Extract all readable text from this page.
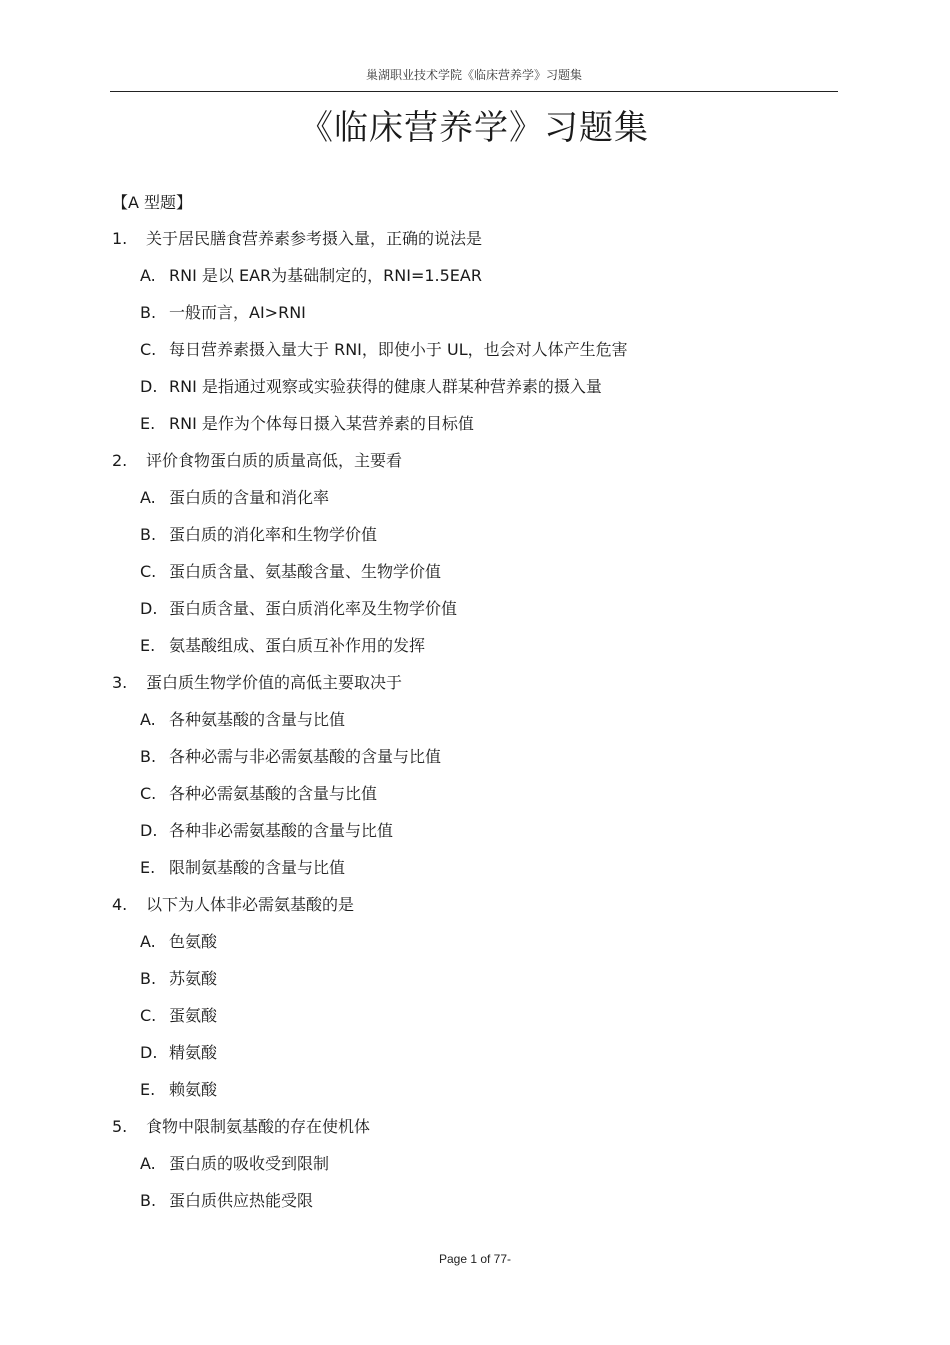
巢湖职业技术学院《临床营养学》习题集
《临床营养学》习题集
【A 型题】
1.	关于居民膳食营养素参考摄入量，正确的说法是
A. RNI 是以 EAR为基础制定的，RNI=1.5EAR
B. 一般而言，AI>RNI
C. 每日营养素摄入量大于 RNI，即使小于 UL，也会对人体产生危害
D. RNI 是指通过观察或实验获得的健康人群某种营养素的摄入量
E. RNI 是作为个体每日摄入某营养素的目标值
2.	评价食物蛋白质的质量高低，主要看
A. 蛋白质的含量和消化率
B. 蛋白质的消化率和生物学价值
C. 蛋白质含量、氨基酸含量、生物学价值
D. 蛋白质含量、蛋白质消化率及生物学价值
E. 氨基酸组成、蛋白质互补作用的发挥
3.	蛋白质生物学价值的高低主要取决于
A. 各种氨基酸的含量与比值
B. 各种必需与非必需氨基酸的含量与比值
C. 各种必需氨基酸的含量与比值
D. 各种非必需氨基酸的含量与比值
E. 限制氨基酸的含量与比值
4.	以下为人体非必需氨基酸的是
A. 色氨酸
B. 苏氨酸
C. 蛋氨酸
D. 精氨酸
E. 赖氨酸
5.	食物中限制氨基酸的存在使机体
A. 蛋白质的吸收受到限制
B. 蛋白质供应热能受限
Page 1 of 77-
